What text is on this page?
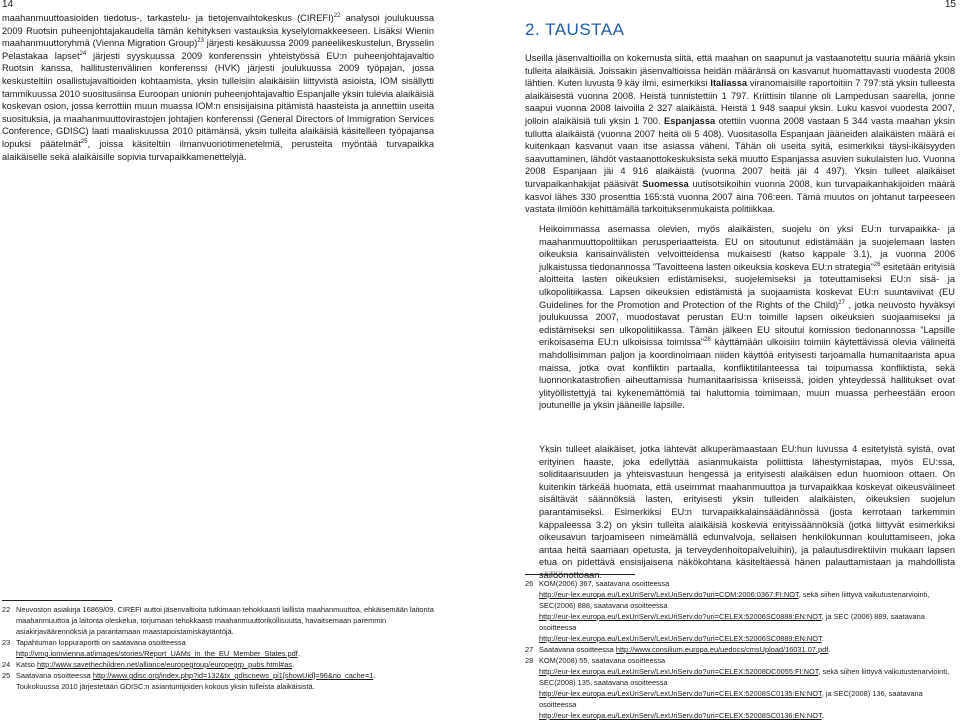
14	15

maahanmuuttoasioiden tiedotus-, tarkastelu- ja tietojenvaihtokeskus (CIREFI)$^{22}$ analysoi joulukuussa 2009 Ruotsin puheenjohtajakaudella tämän kehityksen vastauksia kyselylomakkeeseen. Lisäksi Wienin maahanmuuttoryhmä (Vienna Migration Group)$^{23}$ järjesti kesäkuussa 2009 paneelikeskustelun, Brysselin Pelastakaa lapset$^{24}$ järjesti syyskuussa 2009 konferenssin yhteistyössä EU:n puheenjohtajavaltio Ruotsin kanssa, hallitustenvälinen konferenssi (HVK) järjesti joulukuussa 2009 työpajan, jossa keskusteltiin osallistujavaltioiden kohtaamista, yksin tulleisiin alaikäisiin liittyvistä asioista, IOM sisällytti tammikuussa 2010 suositusiinsa Euroopan unionin puheenjohtajavaltio Espanjalle yksin tulevia alaikäisiä koskevan osion, jossa kerrottiin muun muassa IOM:n ensisijaisina pitämistä haasteista ja annettiin useita suosituksia, ja maahanmuuttovirastojen johtajien konferenssi (General Directors of Immigration Services Conference, GDISC) laati maaliskuussa 2010 pitämänsä, yksin tulleita alaikäisiä käsitelleen työpajansa lopuksi päätelmät$^{25}$, joissa käsiteltiin ilmanvuoriotimenetelmiä, perusteita myöntää turvapaikka alaikäiselle sekä alaikäisille sopivia turvapaikkamenettelyjä.

2. TAUSTAA

Useilla jäsenvaltioilla on kokemusta siitä, että maahan on saapunut ja vastaanotettu suuria määriä yksin tulleita alaikäisiä. Joissakin jäsenvaltioissa heidän määränsä on kasvanut huomattavasti vuodesta 2008 lähtien. Kuten luvusta 9 käy ilmi, esimerkiksi Italiassa viranomaisille raportoitiin 7 797:stä yksin tulleesta alaikäisestä vuonna 2008. Heistä tunnistettiin 1 797. Kriittisin tilanne oli Lampedusan saarella, jonne saapui vuonna 2008 laivoilla 2 327 alaikäistä. Heistä 1 948 saapui yksin. Luku kasvoi vuodesta 2007, jolloin alaikäisiä tuli yksin 1 700. Espanjassa otettiin vuonna 2008 vastaan 5 344 vasta maahan yksin tullutta alaikäistä (vuonna 2007 heitä oli 5 408). Vuositasolla Espanjaan jääneiden alaikäisten määrä ei kuitenkaan kasvanut vaan itse asiassa väheni. Tähän oli useita syitä, esimerkiksi täysi-ikäisyyden saavuttaminen, lähdöt vastaanottokeskuksista sekä muutto Espanjassa asuvien sukulaisten luo. Vuonna 2008 Espanjaan jäi 4 916 alaikäistä (vuonna 2007 heitä jäi 4 497). Yksin tulleet alaikäiset turvapaikanhakijat pääsivät Suomessa uutisotsikoihin vuonna 2008, kun turvapaikanhakijoiden määrä kasvoi lähes 330 prosenttia 165:stä vuonna 2007 aina 706:een. Tämä muutos on johtanut tarpeeseen vastata ilmiöön kehittämällä tarkoituksenmukaista politiikkaa.

Heikoimmassa asemassa olevien, myös alaikäisten, suojelu on yksi EU:n turvapaikka- ja maahanmuuttopolitiikan perusperiaatteista. EU on sitoutunut edistämään ja suojelemaan lasten oikeuksia kansainvälisten velvoitteidensa mukaisesti (katso kappale 3.1), ja vuonna 2006 julkaistussa tiedonannossa ”Tavoitteena lasten oikeuksia koskeva EU:n strategia”$^{26}$ esitetään erityisiä aloitteita lasten oikeuksien edistämiseksi, suojelemiseksi ja toteuttamiseksi EU:n sisä- ja ulkopolitiikassa. Lapsen oikeuksien edistämistä ja suojaamista koskevat EU:n suuntaviivat (EU Guidelines for the Promotion and Protection of the Rights of the Child)$^{27}$ , jotka neuvosto hyväksyi joulukuussa 2007, muodostavat perustan EU:n toimille lapsen oikeuksien suojaamiseksi ja edistämiseksi sen ulkopolitiikassa. Tämän jälkeen EU sitoutui komission tiedonannossa ”Lapsille erikoisasema EU:n ulkoisissa toimissa”$^{28}$ käyttämään ulkoisiin toimiin käytettävissä olevia välineitä mahdollisimman paljon ja koordinoimaan niiden käyttöä erityisesti tarjoamalla humanitaarista apua maissa, jotka ovat konfliktin partaalla, konfliktitilanteessa tai toipumassa konfliktista, sekä luonnonkatastrofien aiheuttamissa humanitaarisissa kriiseissä, joiden yhteydessä hallitukset ovat ylityöllistettyjä tai kykenemättömiä tai haluttomia toimimaan, muun muassa perheestään eroon joutuneille ja yksin jääneille lapsille.

Yksin tulleet alaikäiset, jotka lähtevät alkuperämaastaan EU:hun luvussa 4 esitetyistä syistä, ovat erityinen haaste, joka edellyttää asianmukaista poliittista lähestymistapaa, myös EU:ssa, soliditaarisuuden ja yhteisvastuun hengessä ja erityisesti alaikäisen edun huomioon ottaen. On kuitenkin tärkeää huomata, että useimmat maahanmuuttoa ja turvapaikkaa koskevat oikeusvälineet sisältävät säännöksiä lasten, erityisesti yksin tulleiden alaikäisten, oikeuksien suojelun parantamiseksi. Esimerkiksi EU:n turvapaikkalainsäädännössä (josta kerrotaan tarkemmin kappaleessa 3.2) on yksin tulleita alaikäisiä koskevia erityissäännöksiä (jotka liittyvät esimerkiksi oikeusavun tarjoamiseen nimeämällä edunvalvoja, sellaisen henkilökunnan kouluttamiseen, joka antaa heitä saamaan opetusta, ja terveydenhoitopalveluihin), ja palautusdirektiivin mukaan lapsen etua on pidettävä ensisijaisena näkökohtana käsiteltäessä hänen palauttamistaan ja mahdollista

22 Neuvoston asiakirja 16869/09. CIREFI auttoi jäsenvaltioita tutkimaan tehokkaasti laillista maahanmuuttoa, ehkäisemään laitonta maahanmuuttoa ja laitonta oleskelua, torjumaan tehokkaasti maahanmuuttorikollisuutta, havaitsemaan paremmin asiakirjaväärennöksiä ja parantamaan maastapoistamiskäytäntöjä.
23 Tapahtuman loppuraportti on saatavana osoitteessa
http://vmg.iomvienna.at/images/stories/Report_UAMs_in_the_EU_Member_States.pdf.
24 Katso http://www.savethechildren.net/alliance/europegroup/europegrp_pubs.html#as.
25 Saatavana osoitteessa http://www.gdisc.org/index.php?id=132&tx_gdiscnews_pi1[showUid]=96&no_cache=1.
Toukokuussa 2010 järjestetään GDISC:n asiantuntijoiden kokous yksin tulleista alaikäisistä.
26 KOM(2006) 367, saatavana osoitteessa
http://eur-lex.europa.eu/LexUriServ/LexUriServ.do?uri=COM:2006:0367:FI:NOT, sekä siihen liittyvä vaikutustenarviointi, SEC(2006) 888, saatavana osoitteessa
http://eur-lex.europa.eu/LexUriServ/LexUriServ.do?uri=CELEX:52006SC0888:EN:NOT, ja SEC (2006) 889, saatavana osoitteessa
http://eur-lex.europa.eu/LexUriServ/LexUriServ.do?uri=CELEX:52006SC0889:EN:NOT.
27 Saatavana osoitteessa http://www.consilium.europa.eu/uedocs/cmsUpload/16031.07.pdf.
28 KOM(2008) 55, saatavana osoitteessa
http://eur-lex.europa.eu/LexUriServ/LexUriServ.do?uri=CELEX:52008DC0055:FI:NOT, sekä siihen liittyvä vaikutustenarviointi, SEC(2008) 135, saatavana osoitteessa
http://eur-lex.europa.eu/LexUriServ/LexUriServ.do?uri=CELEX:52008SC0135:EN:NOT, ja SEC(2008) 136, saatavana osoitteessa
http://eur-lex.europa.eu/LexUriServ/LexUriServ.do?uri=CELEX:52008SC0136:EN:NOT.
